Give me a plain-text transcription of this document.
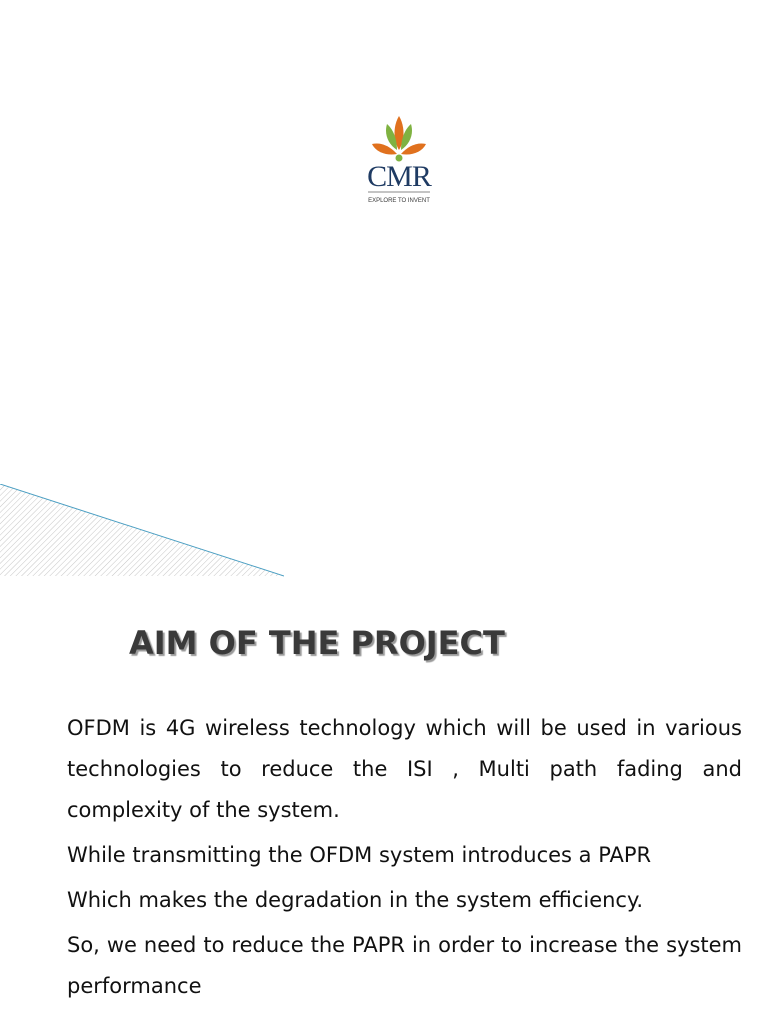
CMR
EXPLORE TO INVENT
AIM OF THE PROJECT

OFDM is 4G wireless technology which will be used in various technologies to reduce the ISI , Multi path fading and complexity of the system.

While transmitting the OFDM system introduces a PAPR

Which makes the degradation in the system efficiency.

So, we need to reduce the PAPR in order to increase the system performance
